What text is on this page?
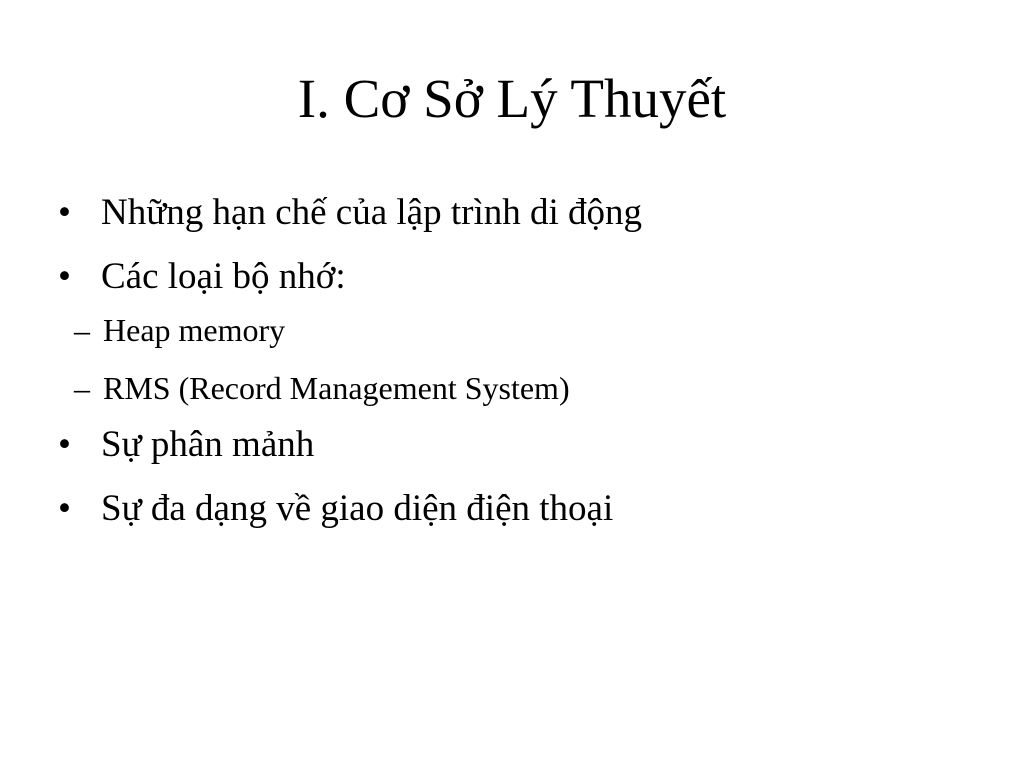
I. Cơ Sở Lý Thuyết
• Những hạn chế của lập trình di động
• Các loại bộ nhớ:
– Heap memory
– RMS (Record Management System)
• Sự phân mảnh
• Sự đa dạng về giao diện điện thoại
